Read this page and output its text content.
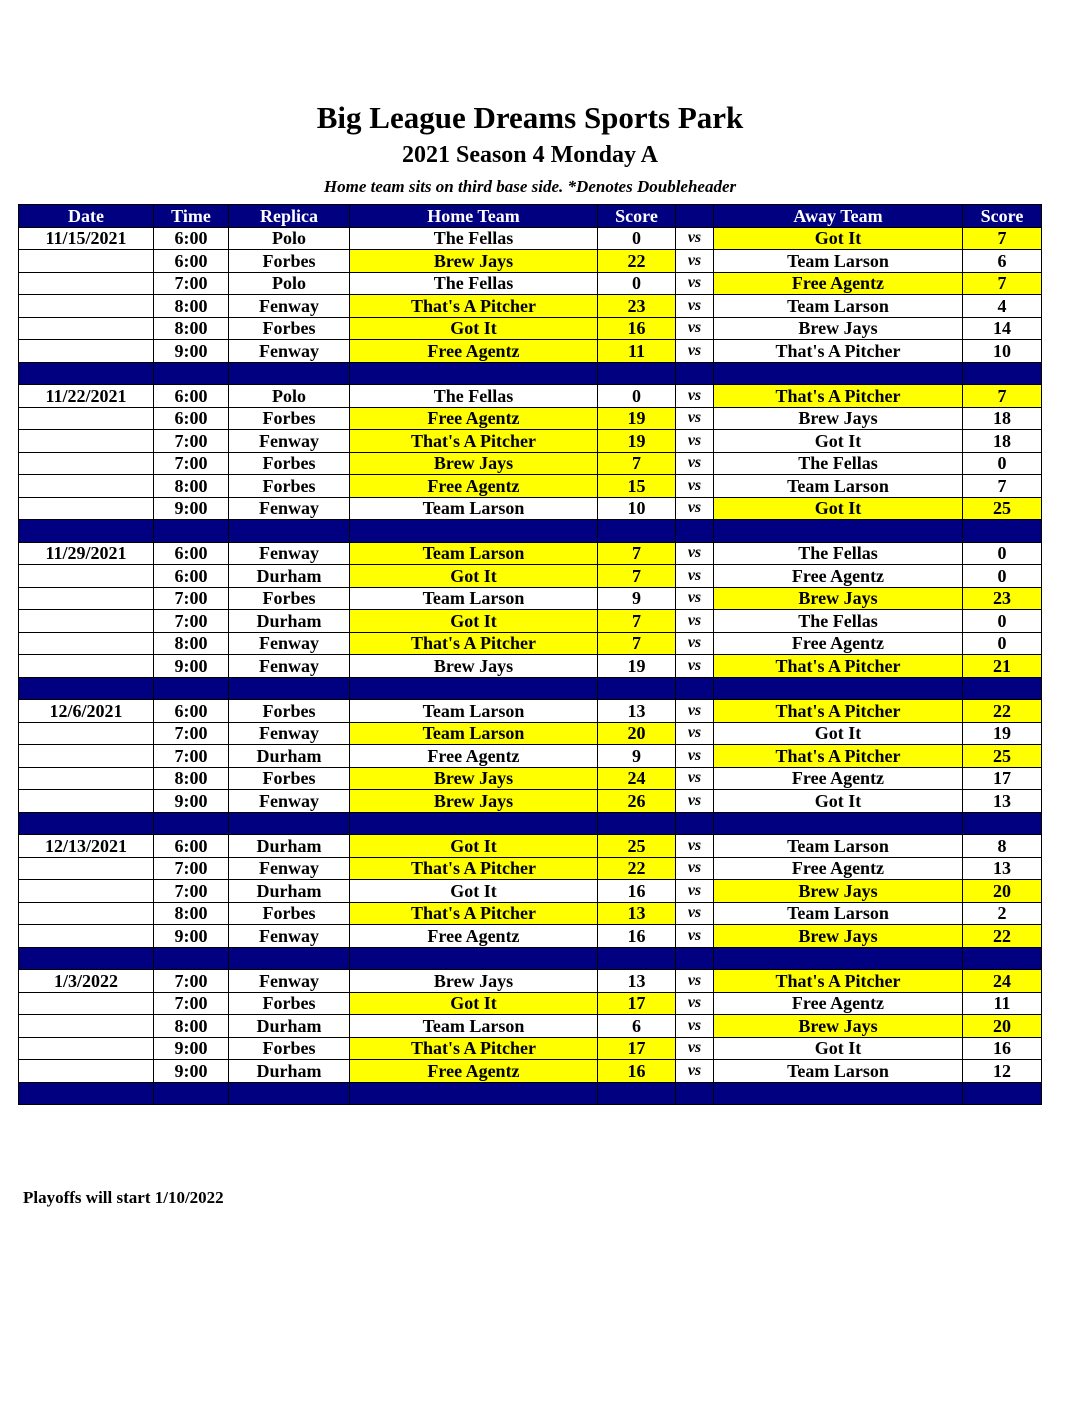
Big League Dreams Sports Park
2021 Season 4 Monday A
Home team sits on third base side. *Denotes Doubleheader
Date	Time	Replica	Home Team	Score		Away Team	Score
11/15/2021	6:00	Polo	The Fellas	0	vs	Got It	7
	6:00	Forbes	Brew Jays	22	vs	Team Larson	6
	7:00	Polo	The Fellas	0	vs	Free Agentz	7
	8:00	Fenway	That's A Pitcher	23	vs	Team Larson	4
	8:00	Forbes	Got It	16	vs	Brew Jays	14
	9:00	Fenway	Free Agentz	11	vs	That's A Pitcher	10

11/22/2021	6:00	Polo	The Fellas	0	vs	That's A Pitcher	7
	6:00	Forbes	Free Agentz	19	vs	Brew Jays	18
	7:00	Fenway	That's A Pitcher	19	vs	Got It	18
	7:00	Forbes	Brew Jays	7	vs	The Fellas	0
	8:00	Forbes	Free Agentz	15	vs	Team Larson	7
	9:00	Fenway	Team Larson	10	vs	Got It	25

11/29/2021	6:00	Fenway	Team Larson	7	vs	The Fellas	0
	6:00	Durham	Got It	7	vs	Free Agentz	0
	7:00	Forbes	Team Larson	9	vs	Brew Jays	23
	7:00	Durham	Got It	7	vs	The Fellas	0
	8:00	Fenway	That's A Pitcher	7	vs	Free Agentz	0
	9:00	Fenway	Brew Jays	19	vs	That's A Pitcher	21

12/6/2021	6:00	Forbes	Team Larson	13	vs	That's A Pitcher	22
	7:00	Fenway	Team Larson	20	vs	Got It	19
	7:00	Durham	Free Agentz	9	vs	That's A Pitcher	25
	8:00	Forbes	Brew Jays	24	vs	Free Agentz	17
	9:00	Fenway	Brew Jays	26	vs	Got It	13

12/13/2021	6:00	Durham	Got It	25	vs	Team Larson	8
	7:00	Fenway	That's A Pitcher	22	vs	Free Agentz	13
	7:00	Durham	Got It	16	vs	Brew Jays	20
	8:00	Forbes	That's A Pitcher	13	vs	Team Larson	2
	9:00	Fenway	Free Agentz	16	vs	Brew Jays	22

1/3/2022	7:00	Fenway	Brew Jays	13	vs	That's A Pitcher	24
	7:00	Forbes	Got It	17	vs	Free Agentz	11
	8:00	Durham	Team Larson	6	vs	Brew Jays	20
	9:00	Forbes	That's A Pitcher	17	vs	Got It	16
	9:00	Durham	Free Agentz	16	vs	Team Larson	12

Playoffs will start 1/10/2022
